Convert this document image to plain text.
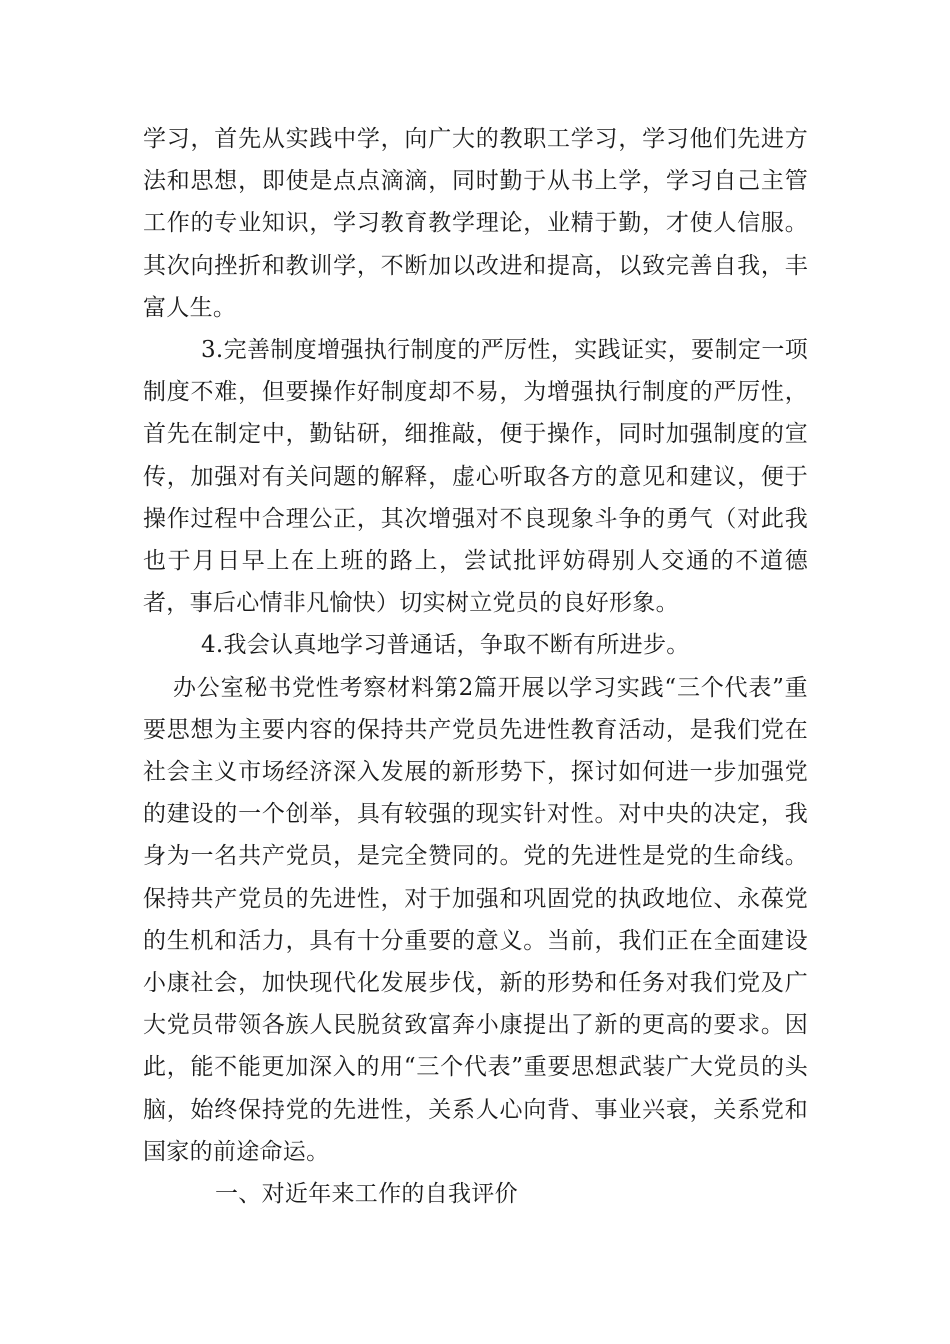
学习，首先从实践中学，向广大的教职工学习，学习他们先进方法和思想，即使是点点滴滴，同时勤于从书上学，学习自己主管工作的专业知识，学习教育教学理论，业精于勤，才使人信服。其次向挫折和教训学，不断加以改进和提高，以致完善自我，丰富人生。

3.完善制度增强执行制度的严厉性，实践证实，要制定一项制度不难，但要操作好制度却不易，为增强执行制度的严厉性，首先在制定中，勤钻研，细推敲，便于操作，同时加强制度的宣传，加强对有关问题的解释，虚心听取各方的意见和建议，便于操作过程中合理公正，其次增强对不良现象斗争的勇气（对此我也于月日早上在上班的路上，尝试批评妨碍别人交通的不道德者，事后心情非凡愉快）切实树立党员的良好形象。

4.我会认真地学习普通话，争取不断有所进步。

办公室秘书党性考察材料第2篇开展以学习实践“三个代表”重要思想为主要内容的保持共产党员先进性教育活动，是我们党在社会主义市场经济深入发展的新形势下，探讨如何进一步加强党的建设的一个创举，具有较强的现实针对性。对中央的决定，我身为一名共产党员，是完全赞同的。党的先进性是党的生命线。保持共产党员的先进性，对于加强和巩固党的执政地位、永葆党的生机和活力，具有十分重要的意义。当前，我们正在全面建设小康社会，加快现代化发展步伐，新的形势和任务对我们党及广大党员带领各族人民脱贫致富奔小康提出了新的更高的要求。因此，能不能更加深入的用“三个代表”重要思想武装广大党员的头脑，始终保持党的先进性，关系人心向背、事业兴衰，关系党和国家的前途命运。

一、对近年来工作的自我评价
